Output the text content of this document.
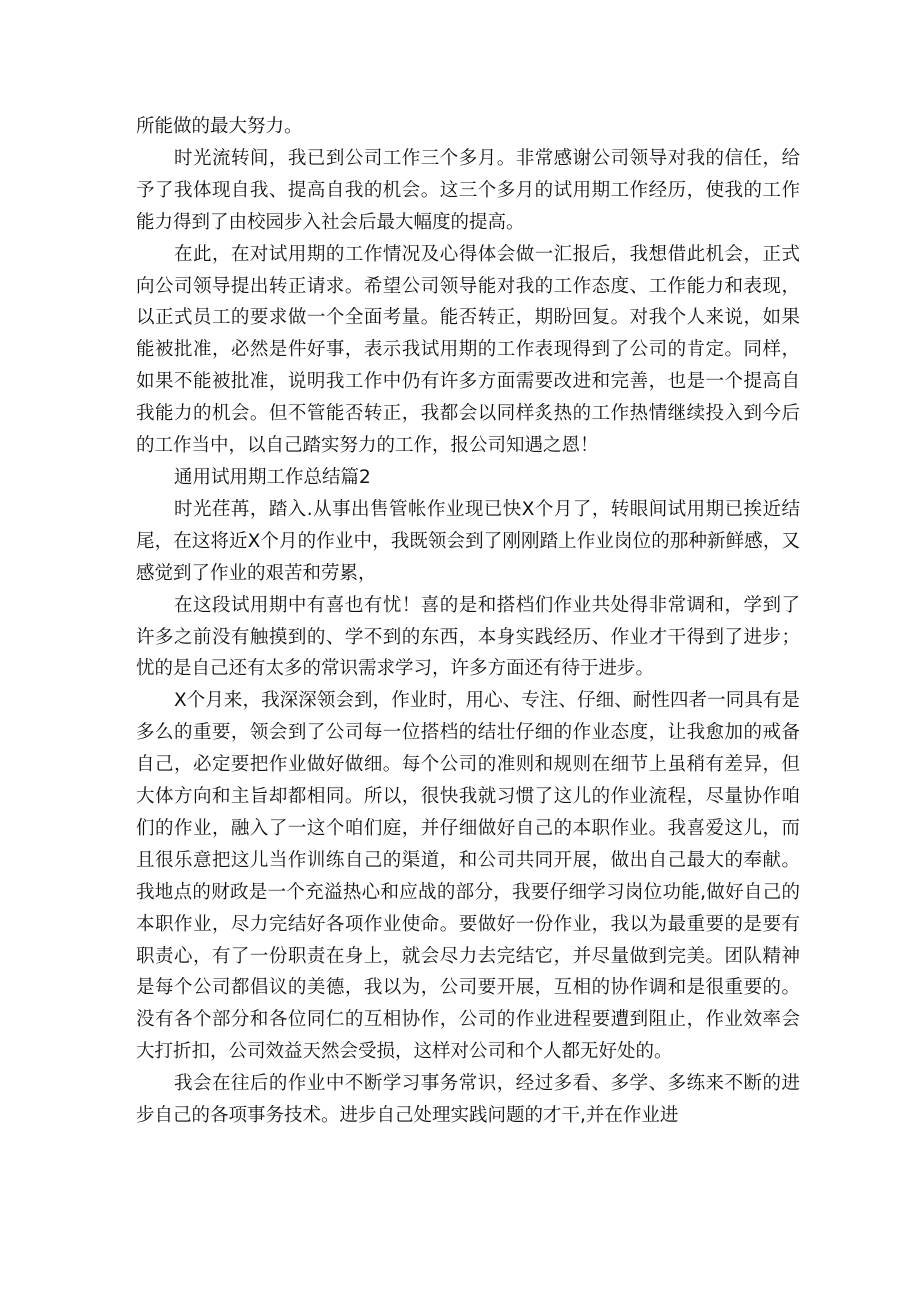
所能做的最大努力。

时光流转间，我已到公司工作三个多月。非常感谢公司领导对我的信任，给予了我体现自我、提高自我的机会。这三个多月的试用期工作经历，使我的工作能力得到了由校园步入社会后最大幅度的提高。

在此，在对试用期的工作情况及心得体会做一汇报后，我想借此机会，正式向公司领导提出转正请求。希望公司领导能对我的工作态度、工作能力和表现，以正式员工的要求做一个全面考量。能否转正，期盼回复。对我个人来说，如果能被批准，必然是件好事，表示我试用期的工作表现得到了公司的肯定。同样，如果不能被批准，说明我工作中仍有许多方面需要改进和完善，也是一个提高自我能力的机会。但不管能否转正，我都会以同样炙热的工作热情继续投入到今后的工作当中，以自己踏实努力的工作，报公司知遇之恩！

通用试用期工作总结篇2

时光荏苒，踏入.从事出售管帐作业现已快X个月了，转眼间试用期已挨近结尾，在这将近X个月的作业中，我既领会到了刚刚踏上作业岗位的那种新鲜感，又感觉到了作业的艰苦和劳累，

在这段试用期中有喜也有忧！喜的是和搭档们作业共处得非常调和，学到了许多之前没有触摸到的、学不到的东西，本身实践经历、作业才干得到了进步；忧的是自己还有太多的常识需求学习，许多方面还有待于进步。

X个月来，我深深领会到，作业时，用心、专注、仔细、耐性四者一同具有是多么的重要，领会到了公司每一位搭档的结壮仔细的作业态度，让我愈加的戒备自己，必定要把作业做好做细。每个公司的准则和规则在细节上虽稍有差异，但大体方向和主旨却都相同。所以，很快我就习惯了这儿的作业流程，尽量协作咱们的作业，融入了一这个咱们庭，并仔细做好自己的本职作业。我喜爱这儿，而且很乐意把这儿当作训练自己的渠道，和公司共同开展，做出自己最大的奉献。我地点的财政是一个充溢热心和应战的部分，我要仔细学习岗位功能,做好自己的本职作业，尽力完结好各项作业使命。要做好一份作业，我以为最重要的是要有职责心，有了一份职责在身上，就会尽力去完结它，并尽量做到完美。团队精神是每个公司都倡议的美德，我以为，公司要开展，互相的协作调和是很重要的。没有各个部分和各位同仁的互相协作，公司的作业进程要遭到阻止，作业效率会大打折扣，公司效益天然会受损，这样对公司和个人都无好处的。

我会在往后的作业中不断学习事务常识，经过多看、多学、多练来不断的进步自己的各项事务技术。进步自己处理实践问题的才干,并在作业进
